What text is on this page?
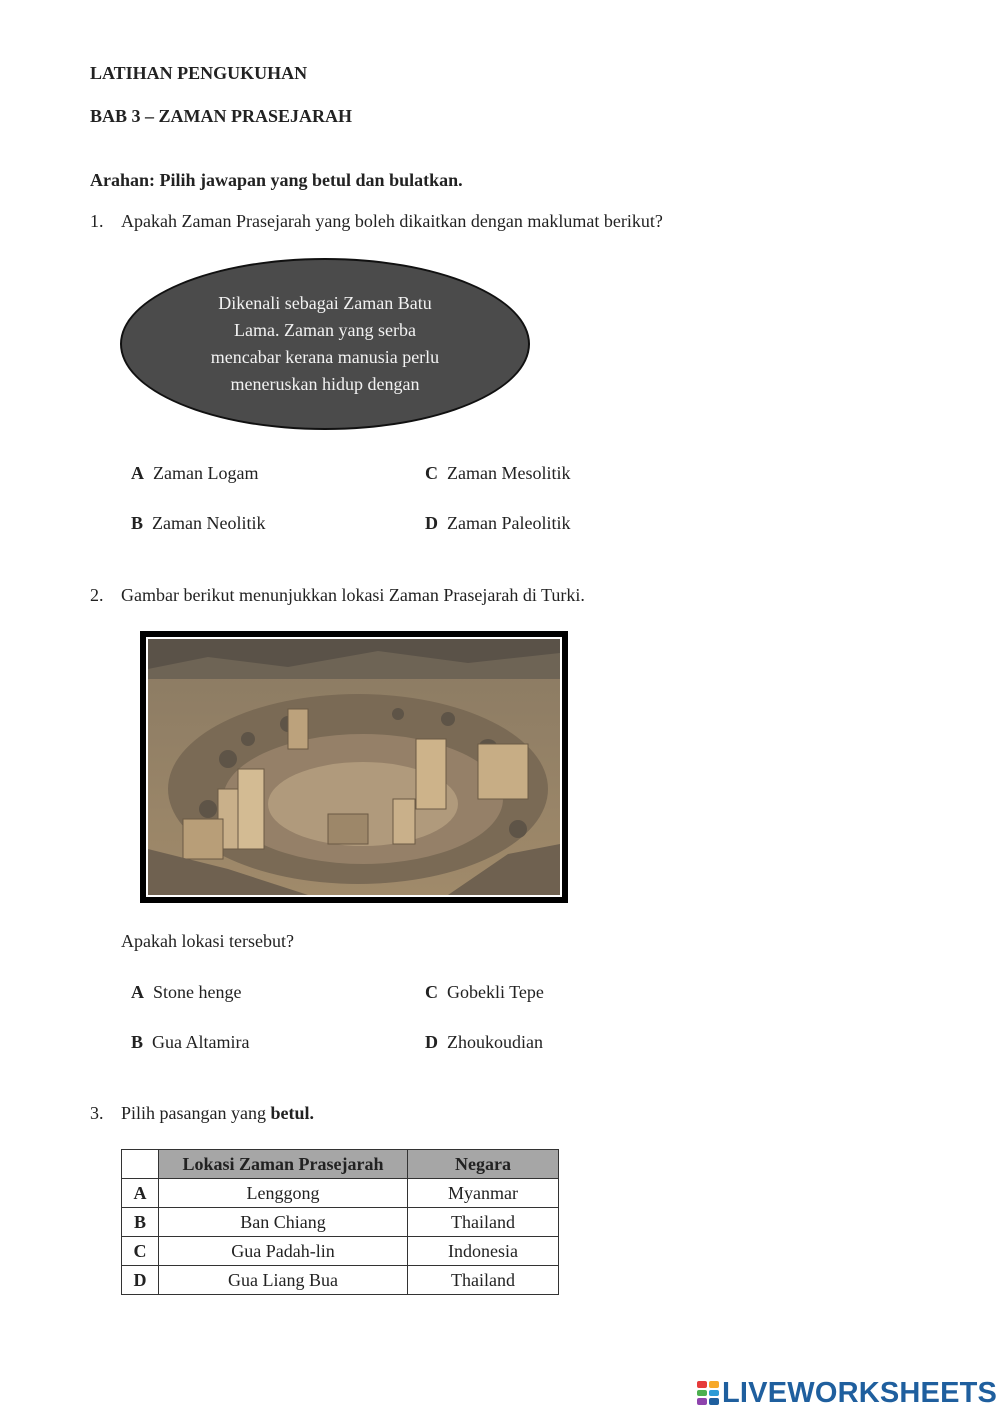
LATIHAN PENGUKUHAN
BAB 3 – ZAMAN PRASEJARAH
Arahan: Pilih jawapan yang betul dan bulatkan.
1. Apakah Zaman Prasejarah yang boleh dikaitkan dengan maklumat berikut?
Dikenali sebagai Zaman Batu
Lama. Zaman yang serba
mencabar kerana manusia perlu
meneruskan hidup dengan
A Zaman Logam
B Zaman Neolitik
C Zaman Mesolitik
D Zaman Paleolitik
2. Gambar berikut menunjukkan lokasi Zaman Prasejarah di Turki.
Apakah lokasi tersebut?
A Stone henge
B Gua Altamira
C Gobekli Tepe
D Zhoukoudian
3. Pilih pasangan yang betul.
	Lokasi Zaman Prasejarah	Negara
A	Lenggong	Myanmar
B	Ban Chiang	Thailand
C	Gua Padah-lin	Indonesia
D	Gua Liang Bua	Thailand
LIVEWORKSHEETS
